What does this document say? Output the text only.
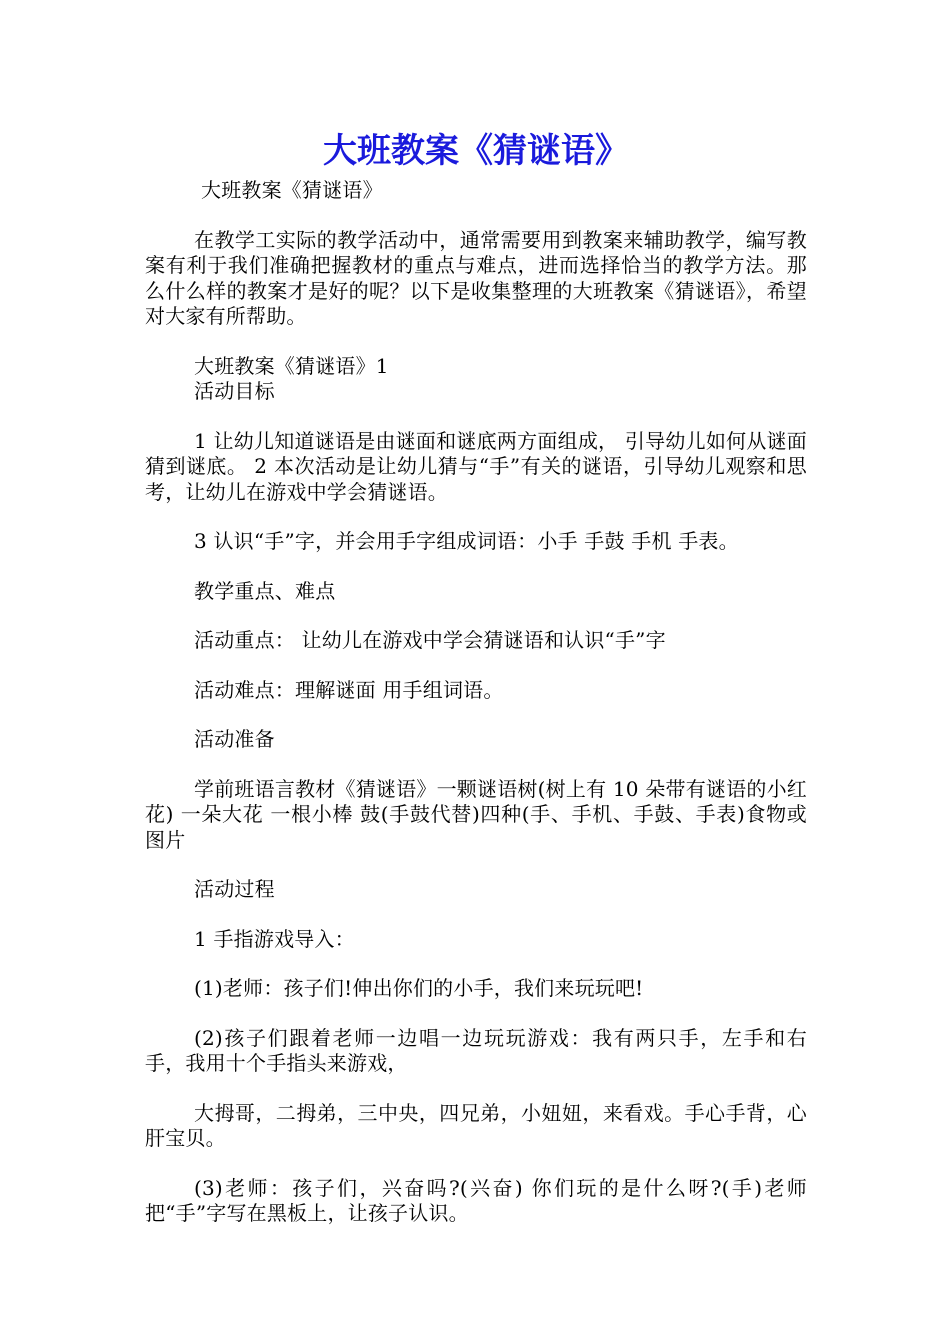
大班教案《猜谜语》

大班教案《猜谜语》

在教学工实际的教学活动中，通常需要用到教案来辅助教学，编写教案有利于我们准确把握教材的重点与难点，进而选择恰当的教学方法。那么什么样的教案才是好的呢？以下是收集整理的大班教案《猜谜语》，希望对大家有所帮助。

大班教案《猜谜语》1

活动目标

1 让幼儿知道谜语是由谜面和谜底两方面组成， 引导幼儿如何从谜面猜到谜底。 2 本次活动是让幼儿猜与“手”有关的谜语，引导幼儿观察和思考，让幼儿在游戏中学会猜谜语。

3 认识“手”字，并会用手字组成词语：小手 手鼓 手机 手表。

教学重点、难点

活动重点： 让幼儿在游戏中学会猜谜语和认识“手”字

活动难点：理解谜面 用手组词语。

活动准备

学前班语言教材《猜谜语》一颗谜语树(树上有 10 朵带有谜语的小红花) 一朵大花 一根小棒 鼓(手鼓代替)四种(手、手机、手鼓、手表)食物或图片

活动过程

1 手指游戏导入：

(1)老师：孩子们!伸出你们的小手，我们来玩玩吧!

(2)孩子们跟着老师一边唱一边玩玩游戏：我有两只手，左手和右手，我用十个手指头来游戏，

大拇哥，二拇弟，三中央，四兄弟，小妞妞，来看戏。手心手背，心肝宝贝。

(3)老师：孩子们，兴奋吗?(兴奋) 你们玩的是什么呀?(手)老师把“手”字写在黑板上，让孩子认识。
